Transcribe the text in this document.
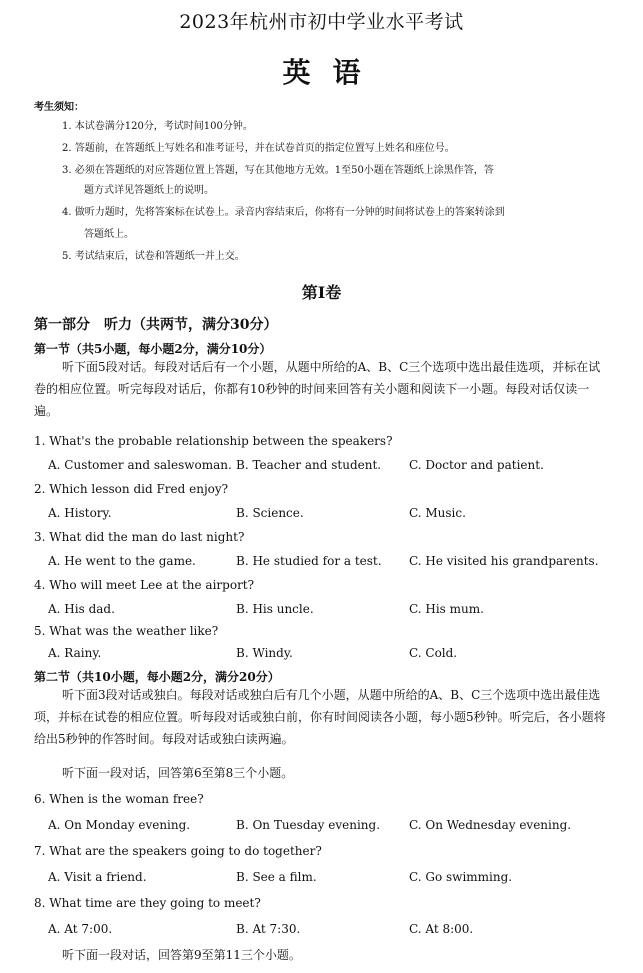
2023年杭州市初中学业水平考试
英语
考生须知：
1. 本试卷满分120分，考试时间100分钟。
2. 答题前，在答题纸上写姓名和准考证号，并在试卷首页的指定位置写上姓名和座位号。
3. 必须在答题纸的对应答题位置上答题，写在其他地方无效。1至50小题在答题纸上涂黑作答，答
题方式详见答题纸上的说明。
4. 做听力题时，先将答案标在试卷上。录音内容结束后，你将有一分钟的时间将试卷上的答案转涂到
答题纸上。
5. 考试结束后，试卷和答题纸一并上交。
第Ⅰ卷
第一部分　听力（共两节，满分30分）
第一节（共5小题，每小题2分，满分10分）
听下面5段对话。每段对话后有一个小题，从题中所给的A、B、C三个选项中选出最佳选项，并标在试卷的相应位置。听完每段对话后，你都有10秒钟的时间来回答有关小题和阅读下一小题。每段对话仅读一遍。
1. What's the probable relationship between the speakers?
A. Customer and saleswoman. B. Teacher and student. C. Doctor and patient.
2. Which lesson did Fred enjoy?
A. History.	B. Science.	C. Music.
3. What did the man do last night?
A. He went to the game.	B. He studied for a test. C. He visited his grandparents.
4. Who will meet Lee at the airport?
A. His dad.	B. His uncle.	C. His mum.
5. What was the weather like?
A. Rainy.	B. Windy.	C. Cold.
第二节（共10小题，每小题2分，满分20分）
听下面3段对话或独白。每段对话或独白后有几个小题，从题中所给的A、B、C三个选项中选出最佳选项，并标在试卷的相应位置。听每段对话或独白前，你有时间阅读各小题，每小题5秒钟。听完后，各小题将给出5秒钟的作答时间。每段对话或独白读两遍。
听下面一段对话，回答第6至第8三个小题。
6. When is the woman free?
A. On Monday evening.	B. On Tuesday evening. C. On Wednesday evening.
7. What are the speakers going to do together?
A. Visit a friend.	B. See a film.	C. Go swimming.
8. What time are they going to meet?
A. At 7:00.	B. At 7:30.	C. At 8:00.
听下面一段对话，回答第9至第11三个小题。
